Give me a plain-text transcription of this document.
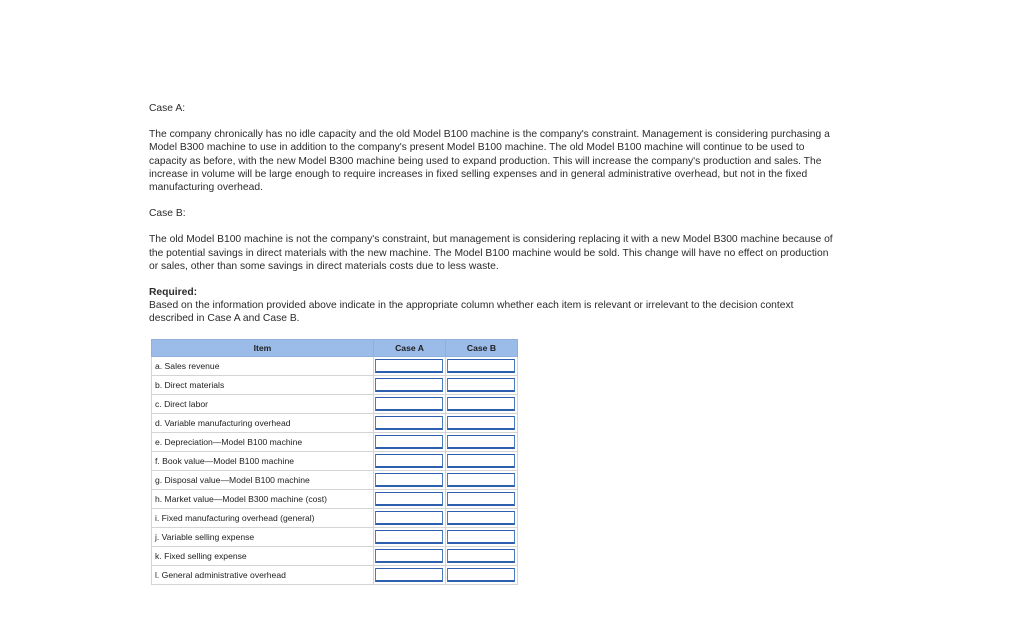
Case A:

The company chronically has no idle capacity and the old Model B100 machine is the company's constraint. Management is considering purchasing a Model B300 machine to use in addition to the company's present Model B100 machine. The old Model B100 machine will continue to be used to capacity as before, with the new Model B300 machine being used to expand production. This will increase the company's production and sales. The increase in volume will be large enough to require increases in fixed selling expenses and in general administrative overhead, but not in the fixed manufacturing overhead.

Case B:

The old Model B100 machine is not the company's constraint, but management is considering replacing it with a new Model B300 machine because of the potential savings in direct materials with the new machine. The Model B100 machine would be sold. This change will have no effect on production or sales, other than some savings in direct materials costs due to less waste.

Required:

Based on the information provided above indicate in the appropriate column whether each item is relevant or irrelevant to the decision context described in Case A and Case B.

Item	Case A	Case B
a. Sales revenue	

b. Direct materials	

c. Direct labor	

d. Variable manufacturing overhead	

e. Depreciation—Model B100 machine	

f. Book value—Model B100 machine	

g. Disposal value—Model B100 machine	

h. Market value—Model B300 machine (cost)	

i. Fixed manufacturing overhead (general)	

j. Variable selling expense	

k. Fixed selling expense	

l. General administrative overhead	
